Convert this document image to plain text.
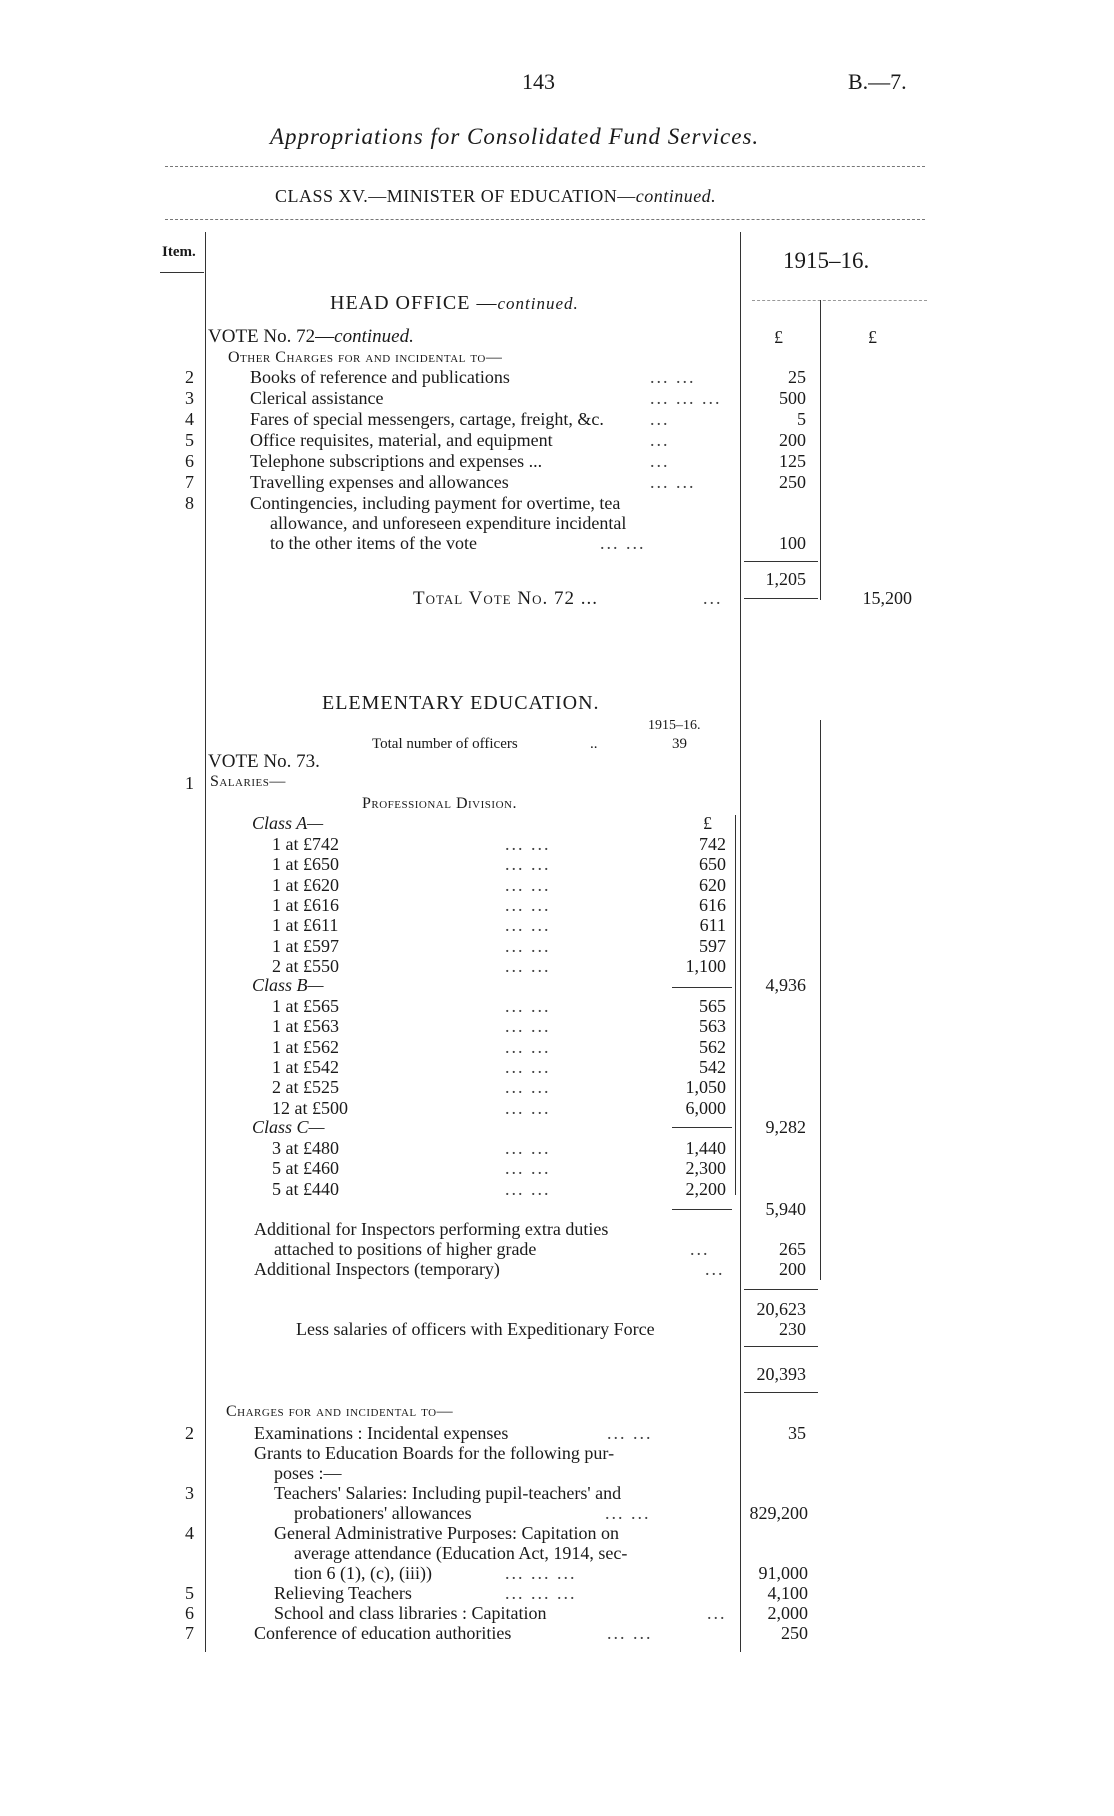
143	B.—7.
Appropriations for Consolidated Fund Services.
CLASS XV.—MINISTER OF EDUCATION—continued.
Item.	1915–16.
HEAD OFFICE —continued.
VOTE No. 72—continued.	£	£
Other Charges for and incidental to—
2	Books of reference and publications	... ...	25
3	Clerical assistance	... ... ...	500
4	Fares of special messengers, cartage, freight, &c.	...	5
5	Office requisites, material, and equipment	...	200
6	Telephone subscriptions and expenses ...	...	125
7	Travelling expenses and allowances	... ...	250
8	Contingencies, including payment for overtime, tea
allowance, and unforeseen expenditure incidental
to the other items of the vote	... ...	100
1,205
Total Vote No. 72 ...	...	15,200
ELEMENTARY EDUCATION.
1915–16.
Total number of officers	..	39
VOTE No. 73.
1 Salaries—
Professional Division.
£
Class A—
1 at £742	... ...	742
1 at £650	... ...	650
1 at £620	... ...	620
1 at £616	... ...	616
1 at £611	... ...	611
1 at £597	... ...	597
2 at £550	... ...	1,100
4,936
Class B—
1 at £565	... ...	565
1 at £563	... ...	563
1 at £562	... ...	562
1 at £542	... ...	542
2 at £525	... ...	1,050
12 at £500	... ...	6,000
9,282
Class C—
3 at £480	... ...	1,440
5 at £460	... ...	2,300
5 at £440	... ...	2,200
5,940
Additional for Inspectors performing extra duties
attached to positions of higher grade	...	265
Additional Inspectors (temporary)	...	200
20,623
Less salaries of officers with Expeditionary Force	230
20,393
Charges for and incidental to—
2	Examinations : Incidental expenses	... ...	35
Grants to Education Boards for the following pur-
poses :—
3	Teachers' Salaries: Including pupil-teachers' and
probationers' allowances	... ...	829,200
4	General Administrative Purposes: Capitation on
average attendance (Education Act, 1914, sec-
tion 6 (1), (c), (iii))	... ... ...	91,000
5	Relieving Teachers	... ... ...	4,100
6	School and class libraries : Capitation	...	2,000
7	Conference of education authorities	... ...	250
